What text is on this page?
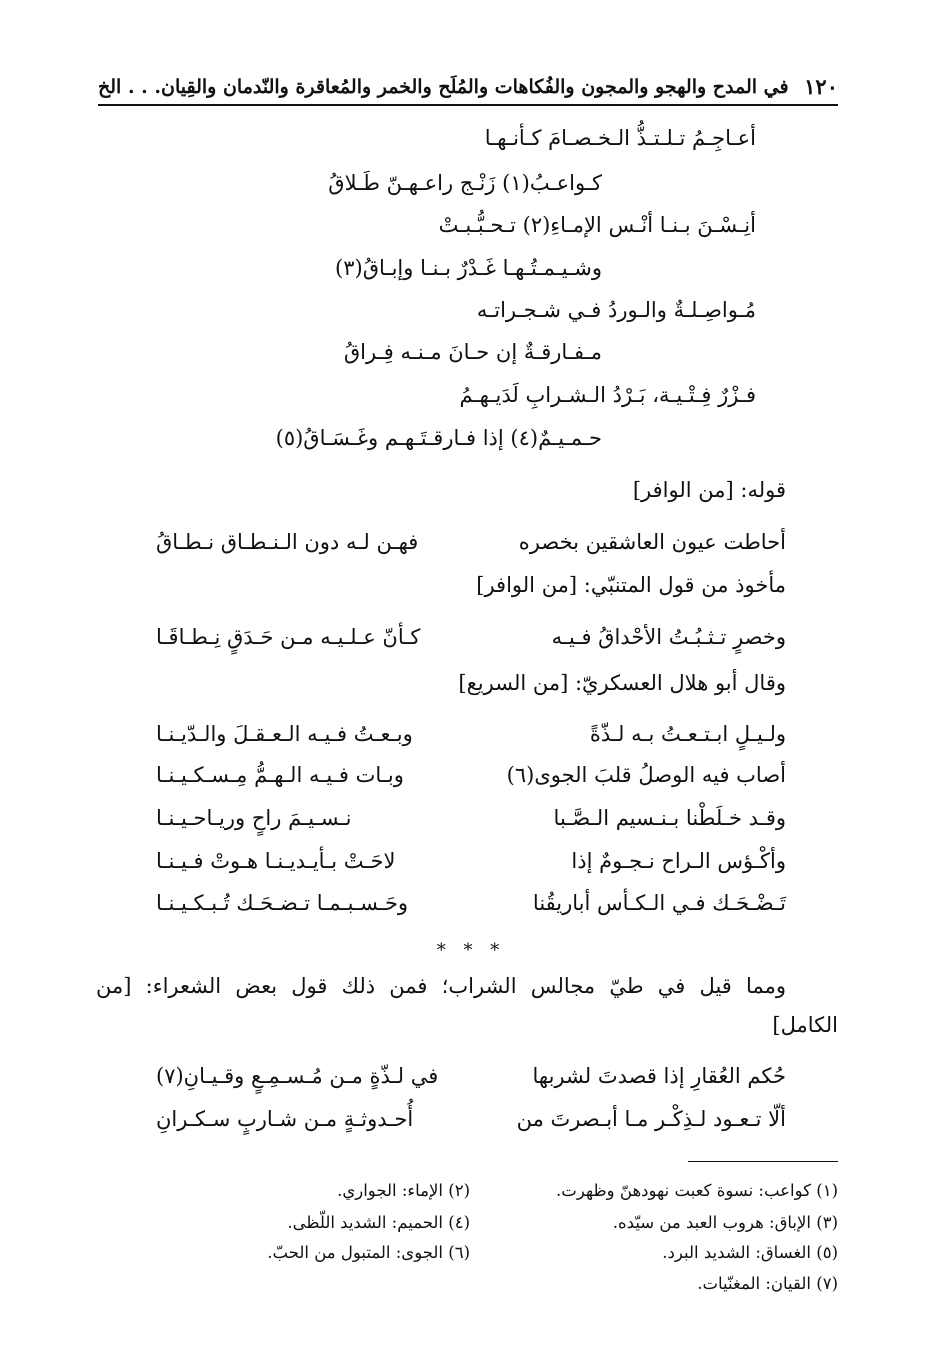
١٢٠
في المدح والهجو والمجون والفُكاهات والمُلَح والخمر والمُعاقرة والنّدمان والقِيان. . . الخ
أعـاجِـمُ تـلـتـذُّ الـخـصـامَ كـأنـهـا
كـواعـبُ(١) زَنْـج راعـهـنّ طَـلاقُ
أنِـسْـنَ بـنـا أنْـس الإمـاءِ(٢) تـحـبُّـبـتْ
وشـيـمـتُـهـا غَـدْرٌ بـنـا وإبـاقُ(٣)
مُـواصِـلـةٌ والـوردُ فـي شـجـراتـه
مـفـارقـةٌ إن حـانَ مـنـه فِـراقُ
فـزْرٌ فِـتْـيـة، بَـرْدُ الـشـرابِ لَدَيـهـمُ
حـمـيـمٌ(٤) إذا فـارقـتَـهـم وغَـسَـاقُ(٥)
قوله: [من الوافر]
أحاطت عيون العاشقين بخصره
فهـن لـه دون الـنـطـاق نـطـاقُ
مأخوذ من قول المتنبّي: [من الوافر]
وخصرٍ تـثـبُـتُ الأحْداقُ فـيـه
كـأنّ عـلـيـه مـن حَـدَقٍ نِـطـاقَـا
وقال أبو هلال العسكريّ: [من السريع]
ولـيـلٍ ابـتـعـتُ بـه لـذّةً
وبـعـتُ فـيـه الـعـقـلَ والـدّيـنـا
أصاب فيه الوصلُ قلبَ الجوى(٦)
وبـات فـيـه الـهـمُّ مِـسـكـيـنـا
وقـد خـلَطْنا بـنـسيم الـصَّـبا
نـسـيـمَ راحٍ وريـاحـيـنـا
وأكْـؤس الـراح نـجـومٌ إذا
لاحَـتْ بـأيـديـنـا هـوتْ فـيـنـا
تَـضْـحَـك فـي الـكـأس أباريقُنا
وحَـسـبـمـا تـضـحَـك تُـبـكـيـنـا
* * *
ومما قيل في طيّ مجالس الشراب؛ فمن ذلك قول بعض الشعراء: [من
الكامل]
حُكم العُقارِ إذا قصدتَ لشربها
في لـذّةٍ مـن مُـسـمِـعٍ وقـيـانِ(٧)
ألّا تـعـود لـذِكْـر مـا أبـصرتَ من
أُحـدوثـةٍ مـن شـاربٍ سـكـرانِ
(١) كواعب: نسوة كعبت نهودهنّ وظهرت.
(٣) الإباق: هروب العبد من سيّده.
(٥) الغساق: الشديد البرد.
(٧) القيان: المغنّيات.
(٢) الإماء: الجواري.
(٤) الحميم: الشديد اللّظى.
(٦) الجوى: المتبول من الحبّ.
